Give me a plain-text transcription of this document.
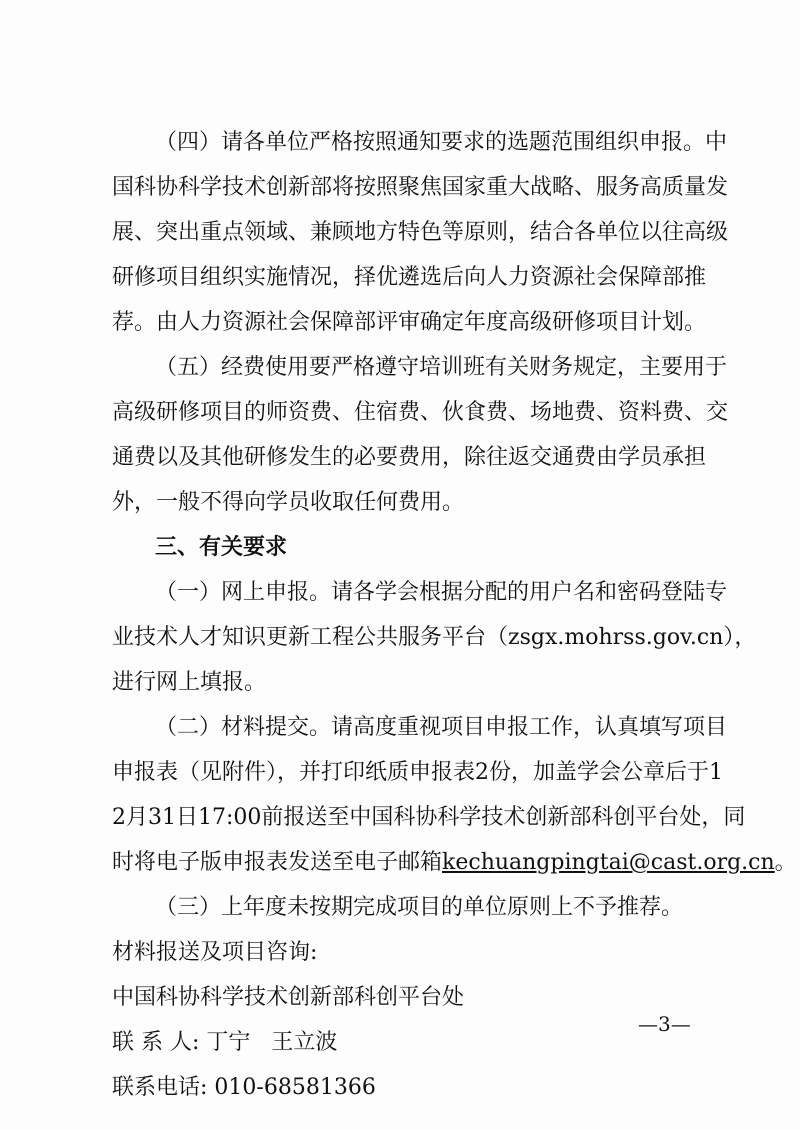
（四）请各单位严格按照通知要求的选题范围组织申报。中
国科协科学技术创新部将按照聚焦国家重大战略、服务高质量发
展、突出重点领域、兼顾地方特色等原则，结合各单位以往高级
研修项目组织实施情况，择优遴选后向人力资源社会保障部推
荐。由人力资源社会保障部评审确定年度高级研修项目计划。
（五）经费使用要严格遵守培训班有关财务规定，主要用于
高级研修项目的师资费、住宿费、伙食费、场地费、资料费、交
通费以及其他研修发生的必要费用，除往返交通费由学员承担
外，一般不得向学员收取任何费用。
三、有关要求
（一）网上申报。请各学会根据分配的用户名和密码登陆专
业技术人才知识更新工程公共服务平台（zsgx.mohrss.gov.cn），
进行网上填报。
（二）材料提交。请高度重视项目申报工作，认真填写项目
申报表（见附件），并打印纸质申报表2份，加盖学会公章后于1
2月31日17:00前报送至中国科协科学技术创新部科创平台处，同
时将电子版申报表发送至电子邮箱kechuangpingtai@cast.org.cn。
（三）上年度未按期完成项目的单位原则上不予推荐。
材料报送及项目咨询:
中国科协科学技术创新部科创平台处
联 系 人: 丁宁   王立波
联系电话: 010-68581366
—3—
